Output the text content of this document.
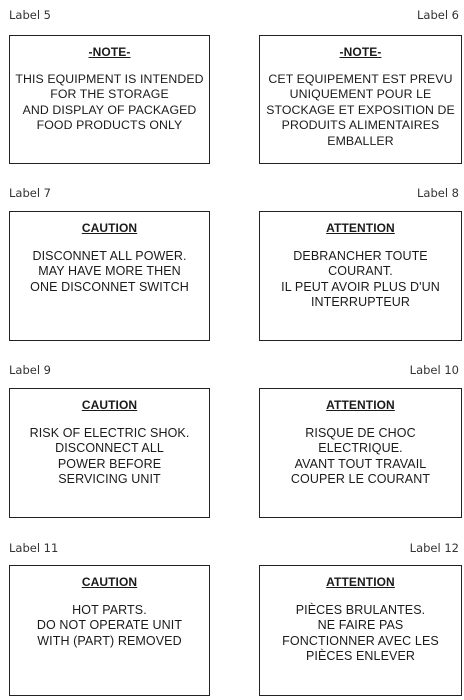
Label 5	Label 6
-NOTE-
THIS EQUIPMENT IS INTENDED
FOR THE STORAGE
AND DISPLAY OF PACKAGED
FOOD PRODUCTS ONLY
-NOTE-
CET EQUIPEMENT EST PREVU
UNIQUEMENT POUR LE
STOCKAGE ET EXPOSITION DE
PRODUITS ALIMENTAIRES
EMBALLER
Label 7	Label 8
CAUTION
DISCONNET ALL POWER.
MAY HAVE MORE THEN
ONE DISCONNET SWITCH
ATTENTION
DEBRANCHER TOUTE
COURANT.
IL PEUT AVOIR PLUS D'UN
INTERRUPTEUR
Label 9	Label 10
CAUTION
RISK OF ELECTRIC SHOK.
DISCONNECT ALL
POWER BEFORE
SERVICING UNIT
ATTENTION
RISQUE DE CHOC
ELECTRIQUE.
AVANT TOUT TRAVAIL
COUPER LE COURANT
Label 11	Label 12
CAUTION
HOT PARTS.
DO NOT OPERATE UNIT
WITH (PART) REMOVED
ATTENTION
PIÈCES BRULANTES.
NE FAIRE PAS
FONCTIONNER AVEC LES
PIÈCES ENLEVER
